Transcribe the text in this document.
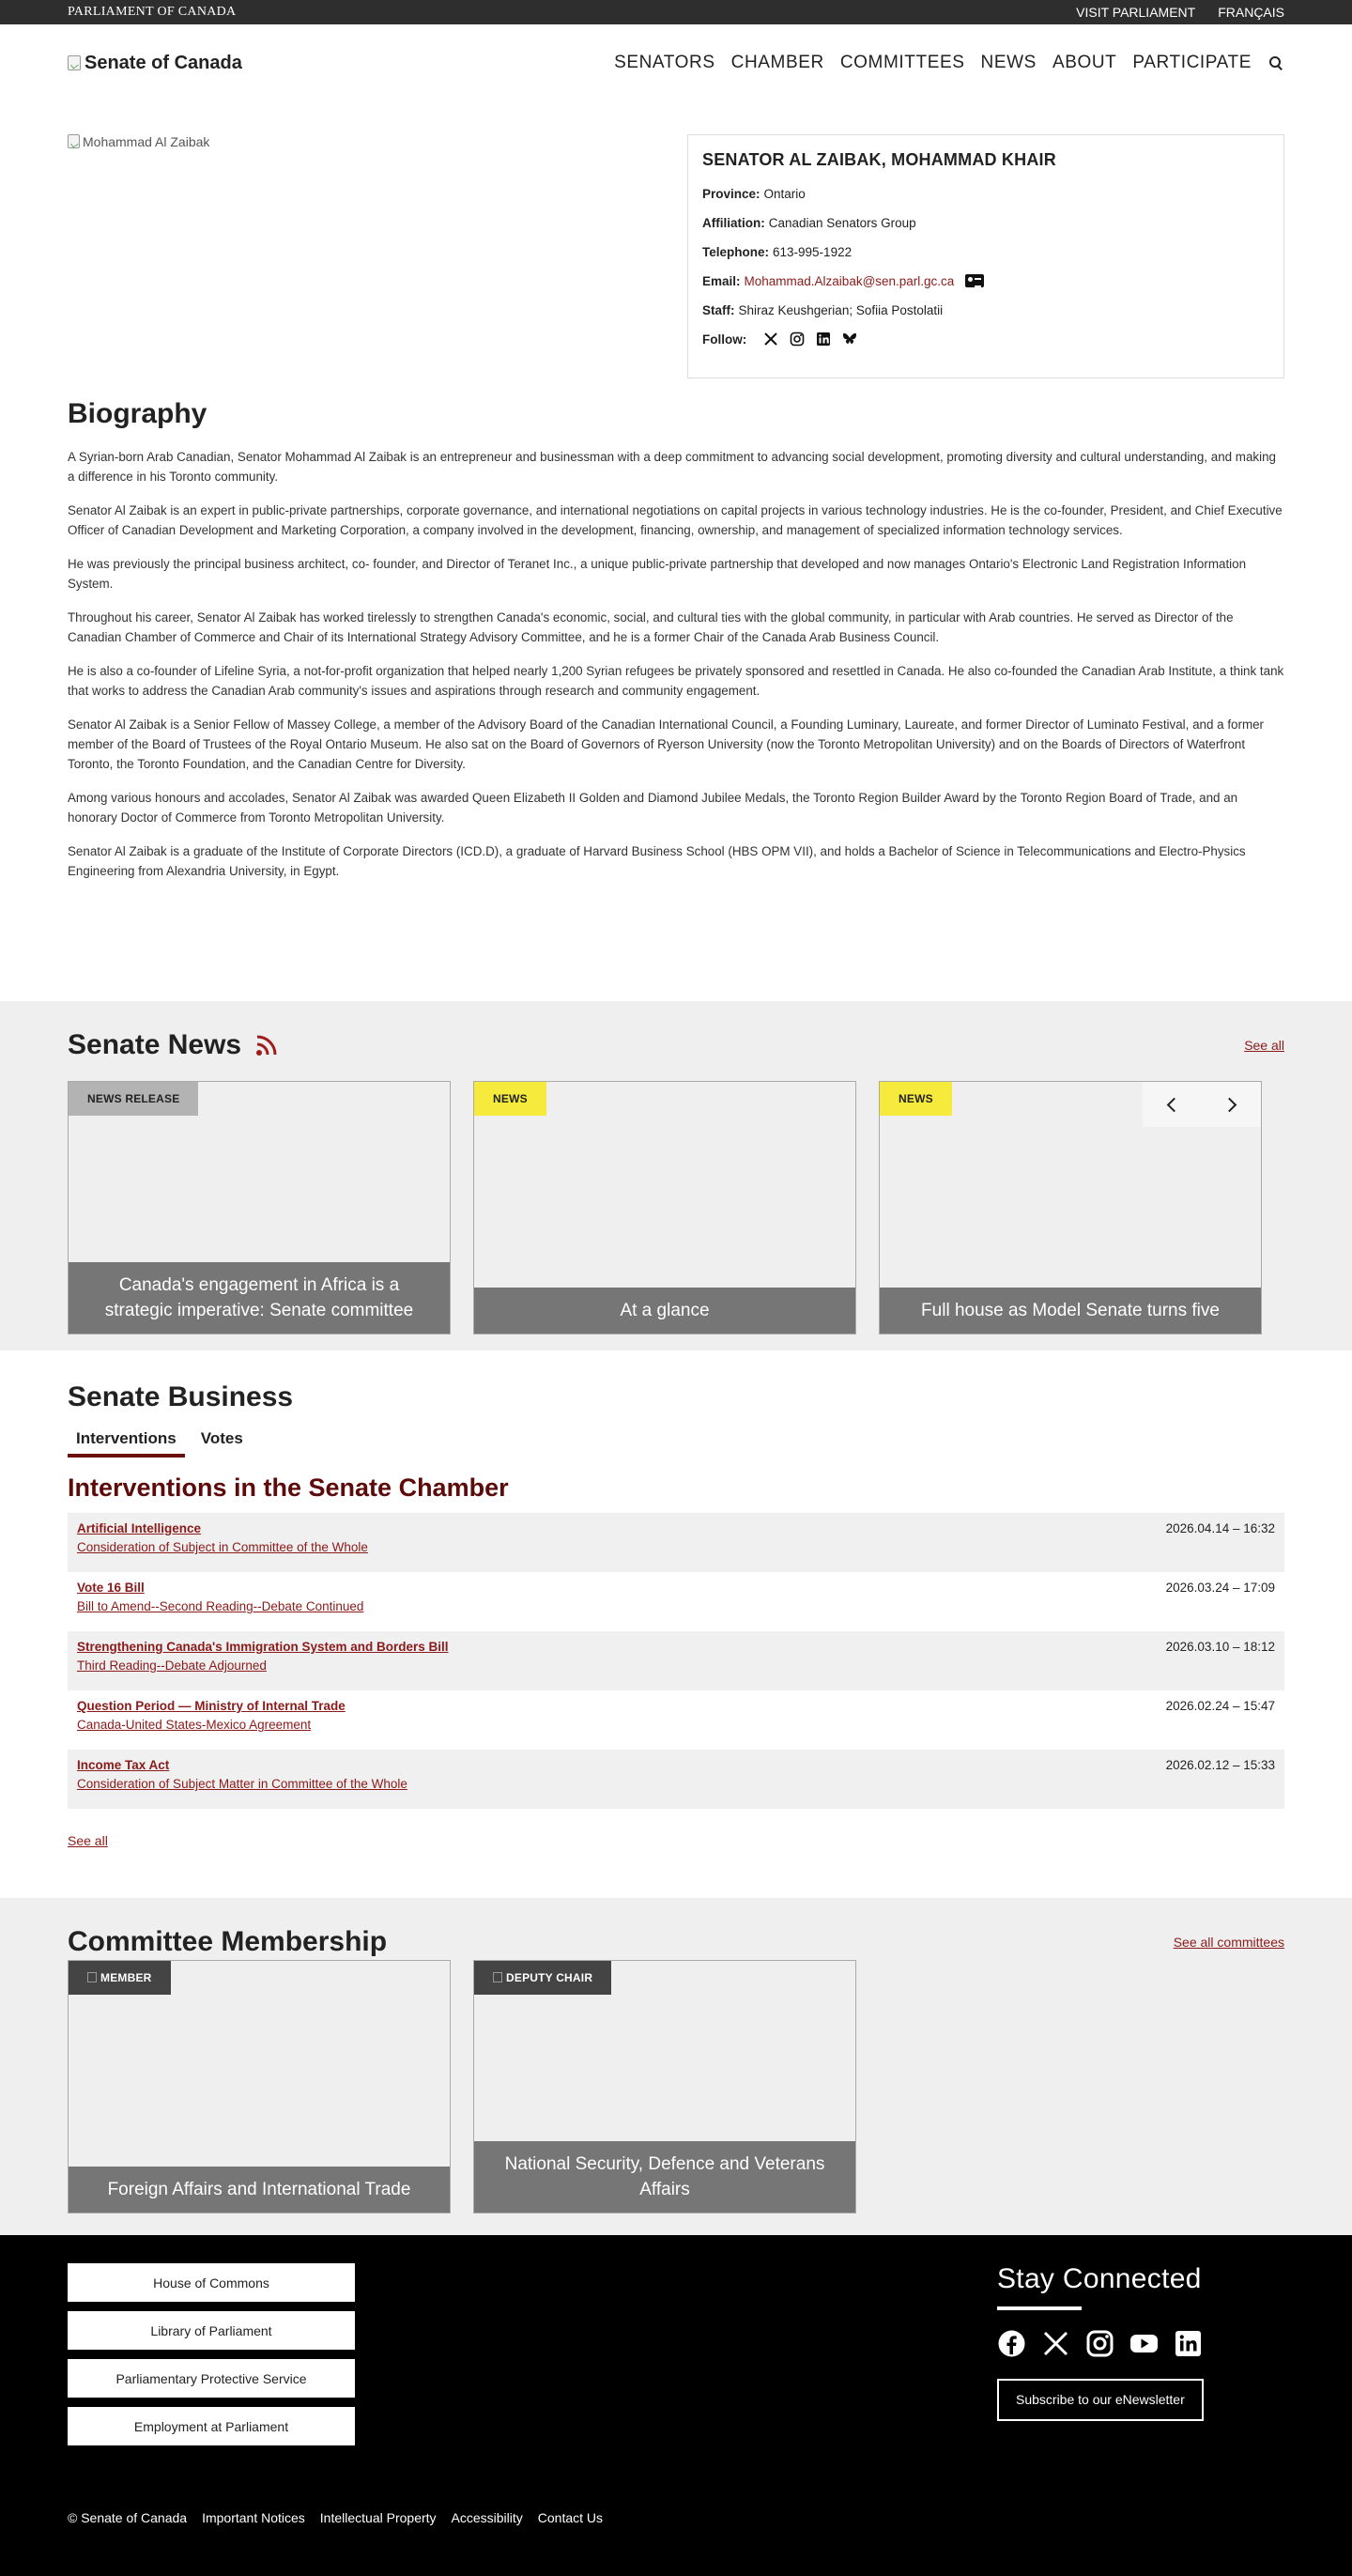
PARLIAMENT OF CANADA	VISIT PARLIAMENT FRANÇAIS
Senate of Canada	SENATORS CHAMBER COMMITTEES NEWS ABOUT PARTICIPATE
Mohammad Al Zaibak
SENATOR AL ZAIBAK, MOHAMMAD KHAIR
Province: Ontario
Affiliation: Canadian Senators Group
Telephone: 613-995-1922
Email: Mohammad.Alzaibak@sen.parl.gc.ca
Staff: Shiraz Keushgerian; Sofiia Postolatii
Follow:
Biography

A Syrian-born Arab Canadian, Senator Mohammad Al Zaibak is an entrepreneur and businessman with a deep commitment to advancing social development, promoting diversity and cultural understanding, and making a difference in his Toronto community.

Senator Al Zaibak is an expert in public-private partnerships, corporate governance, and international negotiations on capital projects in various technology industries. He is the co-founder, President, and Chief Executive Officer of Canadian Development and Marketing Corporation, a company involved in the development, financing, ownership, and management of specialized information technology services.

He was previously the principal business architect, co- founder, and Director of Teranet Inc., a unique public-private partnership that developed and now manages Ontario's Electronic Land Registration Information System.

Throughout his career, Senator Al Zaibak has worked tirelessly to strengthen Canada's economic, social, and cultural ties with the global community, in particular with Arab countries. He served as Director of the Canadian Chamber of Commerce and Chair of its International Strategy Advisory Committee, and he is a former Chair of the Canada Arab Business Council.

He is also a co-founder of Lifeline Syria, a not-for-profit organization that helped nearly 1,200 Syrian refugees be privately sponsored and resettled in Canada. He also co-founded the Canadian Arab Institute, a think tank that works to address the Canadian Arab community's issues and aspirations through research and community engagement.

Senator Al Zaibak is a Senior Fellow of Massey College, a member of the Advisory Board of the Canadian International Council, a Founding Luminary, Laureate, and former Director of Luminato Festival, and a former member of the Board of Trustees of the Royal Ontario Museum. He also sat on the Board of Governors of Ryerson University (now the Toronto Metropolitan University) and on the Boards of Directors of Waterfront Toronto, the Toronto Foundation, and the Canadian Centre for Diversity.

Among various honours and accolades, Senator Al Zaibak was awarded Queen Elizabeth II Golden and Diamond Jubilee Medals, the Toronto Region Builder Award by the Toronto Region Board of Trade, and an honorary Doctor of Commerce from Toronto Metropolitan University.

Senator Al Zaibak is a graduate of the Institute of Corporate Directors (ICD.D), a graduate of Harvard Business School (HBS OPM VII), and holds a Bachelor of Science in Telecommunications and Electro-Physics Engineering from Alexandria University, in Egypt.

Senate News	See all
NEWS RELEASE
Canada's engagement in Africa is a strategic imperative: Senate committee
NEWS
At a glance
NEWS
Full house as Model Senate turns five
Senate Business
Interventions	Votes
Interventions in the Senate Chamber
Artificial Intelligence
Consideration of Subject in Committee of the Whole
2026.04.14 – 16:32
Vote 16 Bill
Bill to Amend--Second Reading--Debate Continued
2026.03.24 – 17:09
Strengthening Canada's Immigration System and Borders Bill
Third Reading--Debate Adjourned
2026.03.10 – 18:12
Question Period — Ministry of Internal Trade
Canada-United States-Mexico Agreement
2026.02.24 – 15:47
Income Tax Act
Consideration of Subject Matter in Committee of the Whole
2026.02.12 – 15:33
See all
Committee Membership	See all committees
MEMBER
Foreign Affairs and International Trade
DEPUTY CHAIR
National Security, Defence and Veterans Affairs
House of Commons
Library of Parliament
Parliamentary Protective Service
Employment at Parliament
Stay Connected
Subscribe to our eNewsletter
© Senate of Canada Important Notices Intellectual Property Accessibility Contact Us
